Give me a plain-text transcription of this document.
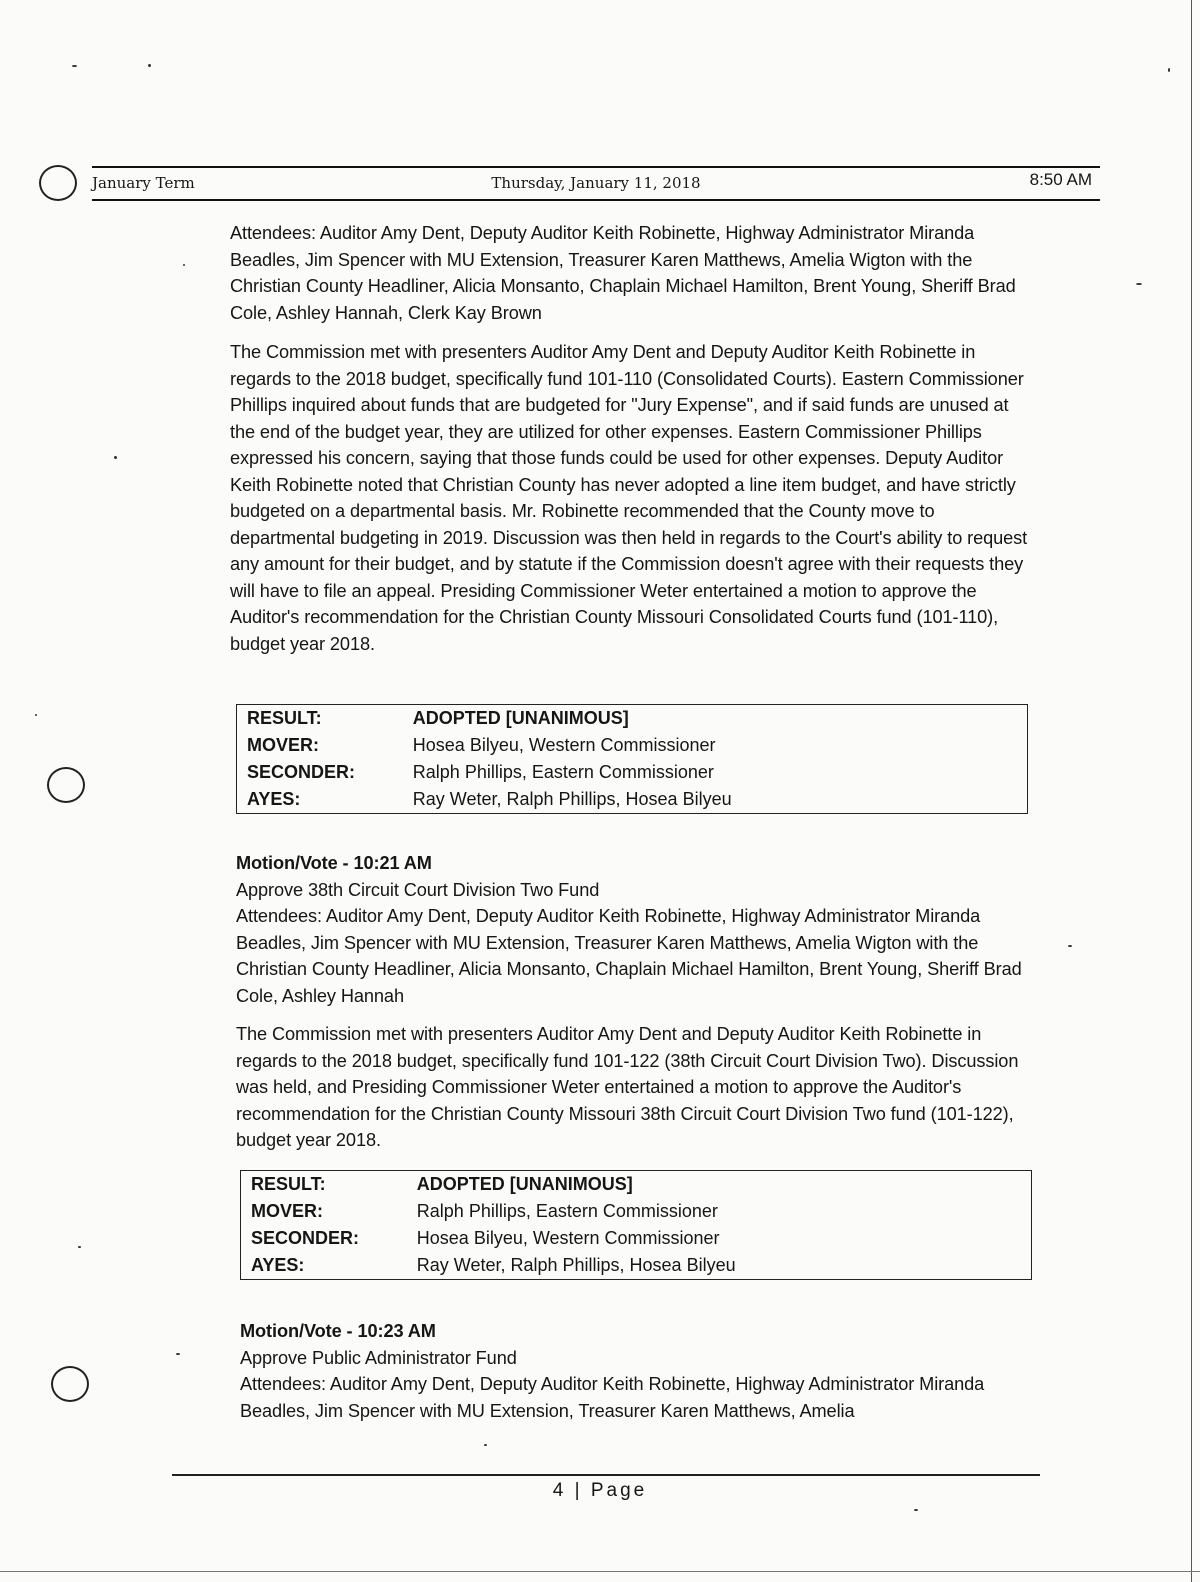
January Term	Thursday, January 11, 2018	8:50 AM

Attendees: Auditor Amy Dent, Deputy Auditor Keith Robinette, Highway Administrator Miranda Beadles, Jim Spencer with MU Extension, Treasurer Karen Matthews, Amelia Wigton with the Christian County Headliner, Alicia Monsanto, Chaplain Michael Hamilton, Brent Young, Sheriff Brad Cole, Ashley Hannah, Clerk Kay Brown

The Commission met with presenters Auditor Amy Dent and Deputy Auditor Keith Robinette in regards to the 2018 budget, specifically fund 101-110 (Consolidated Courts). Eastern Commissioner Phillips inquired about funds that are budgeted for "Jury Expense", and if said funds are unused at the end of the budget year, they are utilized for other expenses. Eastern Commissioner Phillips expressed his concern, saying that those funds could be used for other expenses. Deputy Auditor Keith Robinette noted that Christian County has never adopted a line item budget, and have strictly budgeted on a departmental basis. Mr. Robinette recommended that the County move to departmental budgeting in 2019. Discussion was then held in regards to the Court's ability to request any amount for their budget, and by statute if the Commission doesn't agree with their requests they will have to file an appeal. Presiding Commissioner Weter entertained a motion to approve the Auditor's recommendation for the Christian County Missouri Consolidated Courts fund (101-110), budget year 2018.

RESULT:	ADOPTED [UNANIMOUS]
MOVER:	Hosea Bilyeu, Western Commissioner
SECONDER:	Ralph Phillips, Eastern Commissioner
AYES:	Ray Weter, Ralph Phillips, Hosea Bilyeu

Motion/Vote - 10:21 AM

Approve 38th Circuit Court Division Two Fund

Attendees: Auditor Amy Dent, Deputy Auditor Keith Robinette, Highway Administrator Miranda Beadles, Jim Spencer with MU Extension, Treasurer Karen Matthews, Amelia Wigton with the Christian County Headliner, Alicia Monsanto, Chaplain Michael Hamilton, Brent Young, Sheriff Brad Cole, Ashley Hannah

The Commission met with presenters Auditor Amy Dent and Deputy Auditor Keith Robinette in regards to the 2018 budget, specifically fund 101-122 (38th Circuit Court Division Two). Discussion was held, and Presiding Commissioner Weter entertained a motion to approve the Auditor's recommendation for the Christian County Missouri 38th Circuit Court Division Two fund (101-122), budget year 2018.

RESULT:	ADOPTED [UNANIMOUS]
MOVER:	Ralph Phillips, Eastern Commissioner
SECONDER:	Hosea Bilyeu, Western Commissioner
AYES:	Ray Weter, Ralph Phillips, Hosea Bilyeu

Motion/Vote - 10:23 AM

Approve Public Administrator Fund

Attendees: Auditor Amy Dent, Deputy Auditor Keith Robinette, Highway Administrator Miranda Beadles, Jim Spencer with MU Extension, Treasurer Karen Matthews, Amelia

4 | Page
